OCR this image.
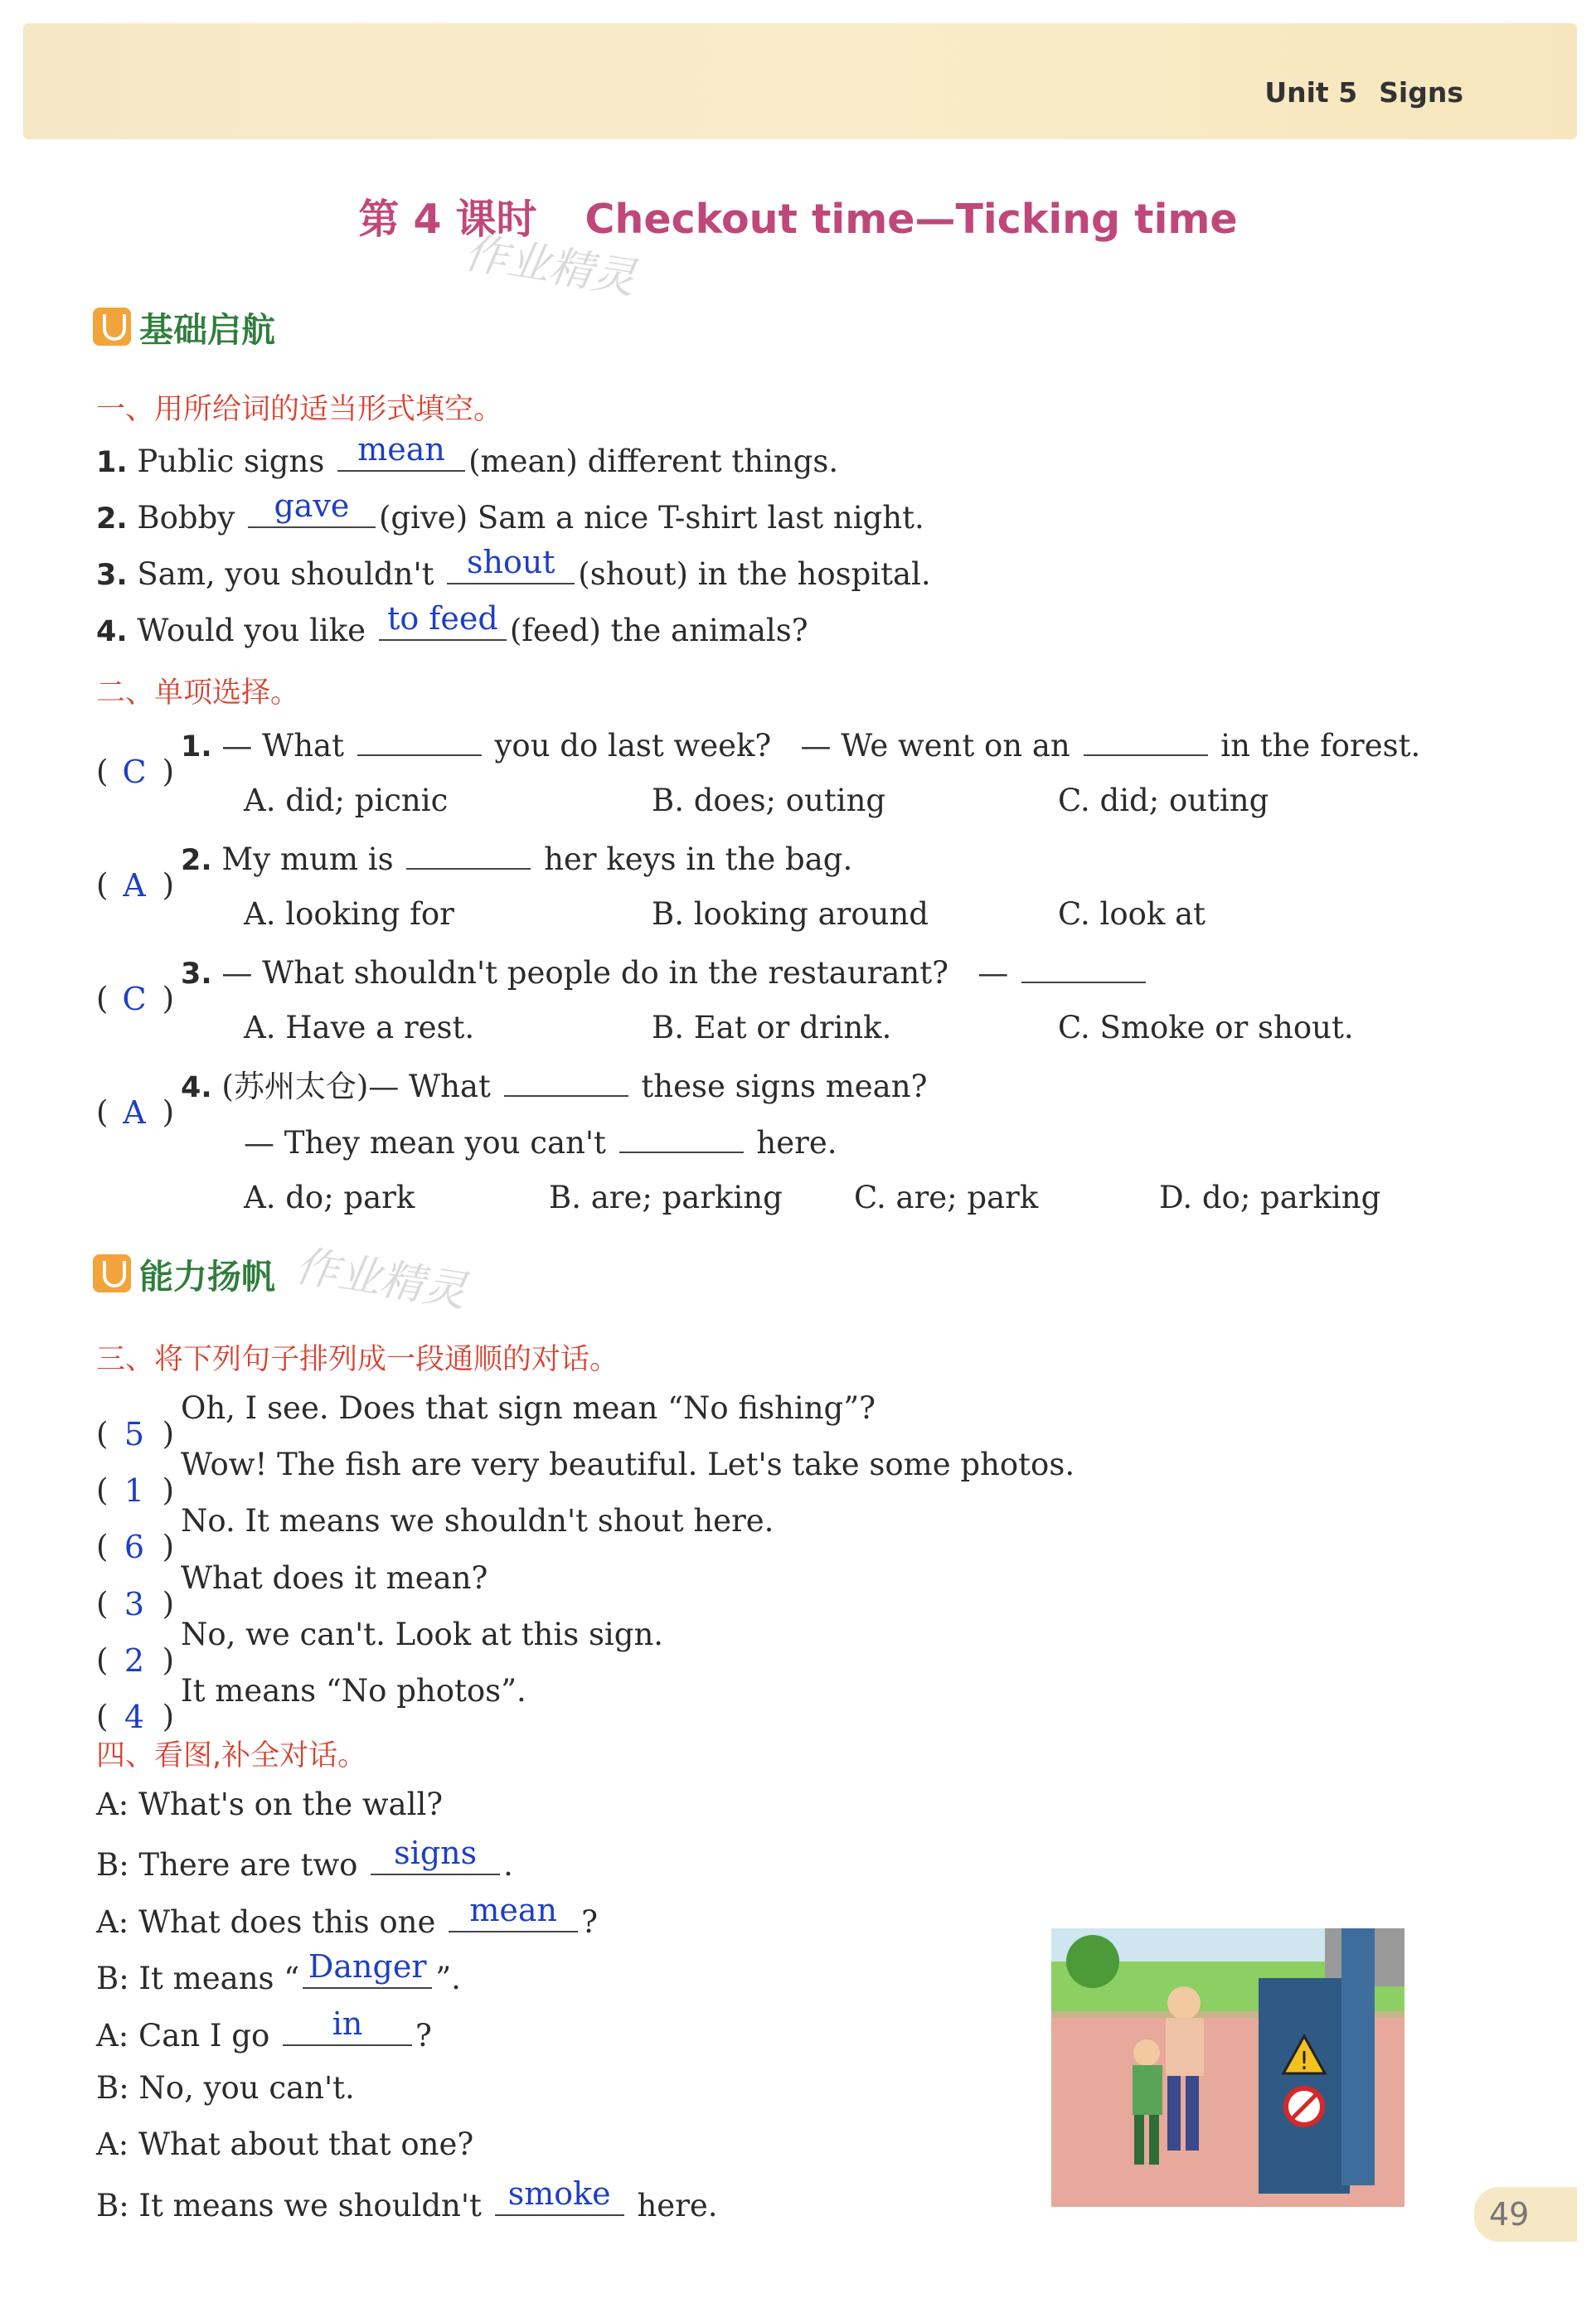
Unit 5 Signs
第 4 课时 Checkout time—Ticking time
作业精灵
基础启航
一、用所给词的适当形式填空。
1. Public signs	mean (mean) different things.
2. Bobby	gave (give) Sam a nice T-shirt last night.
3. Sam, you shouldn't	shout (shout) in the hospital.
4. Would you like to feed (feed) the animals?
二、单项选择。
( C )
1. — What	you do last week? — We went on an	in the forest.
A. did; picnic	B. does; outing	C. did; outing
( A )
2. My mum is	her keys in the bag.
A. looking for	B. looking around	C. look at
( C )
3. — What shouldn't people do in the restaurant? —
A. Have a rest.	B. Eat or drink.	C. Smoke or shout.
( A )
4. (苏州太仓)— What	these signs mean?
— They mean you can't	here.
A. do; park	B. are; parking C. are; park	D. do; parking
能力扬帆 作业精灵
三、将下列句子排列成一段通顺的对话。
( 5 )
Oh, I see. Does that sign mean “No fishing”?
( 1 )
Wow! The fish are very beautiful. Let's take some photos.
( 6 )
No. It means we shouldn't shout here.
( 3 )
What does it mean?
( 2 )
No, we can't. Look at this sign.
( 4 )
It means “No photos”.
四、看图,补全对话。
A: What's on the wall?
B: There are two	signs .
A: What does this one	mean ?
B: It means “ Danger ”.
A: Can I go	in	?
B: No, you can't.
A: What about that one?
B: It means we shouldn't smoke here.
!
49
